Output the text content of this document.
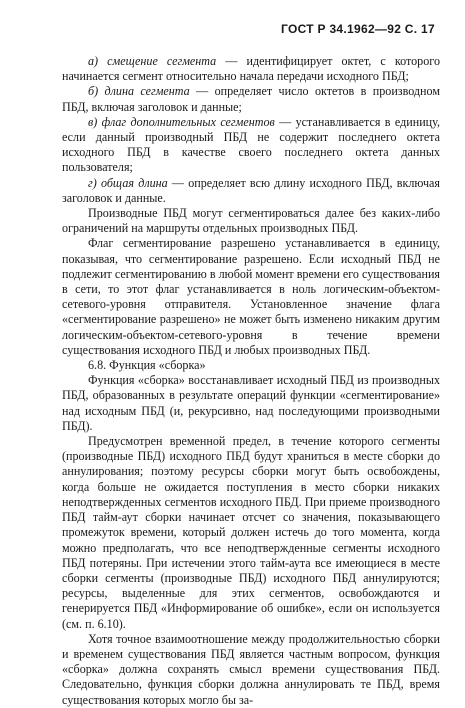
ГОСТ Р 34.1962—92 С. 17

а) смещение сегмента — идентифицирует октет, с которого начинается сегмент относительно начала передачи исходного ПБД;

б) длина сегмента — определяет число октетов в производном ПБД, включая заголовок и данные;

в) флаг дополнительных сегментов — устанавливается в единицу, если данный производный ПБД не содержит последнего октета исходного ПБД в качестве своего последнего октета данных пользователя;

г) общая длина — определяет всю длину исходного ПБД, включая заголовок и данные.

Производные ПБД могут сегментироваться далее без каких-либо ограничений на маршруты отдельных производных ПБД.

Флаг сегментирование разрешено устанавливается в единицу, показывая, что сегментирование разрешено. Если исходный ПБД не подлежит сегментированию в любой момент времени его существования в сети, то этот флаг устанавливается в ноль логическим-объектом-сетевого-уровня отправителя. Установленное значение флага «сегментирование разрешено» не может быть изменено никаким другим логическим-объектом-сетевого-уровня в течение времени существования исходного ПБД и любых производных ПБД.

6.8. Функция «сборка»

Функция «сборка» восстанавливает исходный ПБД из производных ПБД, образованных в результате операций функции «сегментирование» над исходным ПБД (и, рекурсивно, над последующими производными ПБД).

Предусмотрен временной предел, в течение которого сегменты (производные ПБД) исходного ПБД будут храниться в месте сборки до аннулирования; поэтому ресурсы сборки могут быть освобождены, когда больше не ожидается поступления в место сборки никаких неподтвержденных сегментов исходного ПБД. При приеме производного ПБД тайм-аут сборки начинает отсчет со значения, показывающего промежуток времени, который должен истечь до того момента, когда можно предполагать, что все неподтвержденные сегменты исходного ПБД потеряны. При истечении этого тайм-аута все имеющиеся в месте сборки сегменты (производные ПБД) исходного ПБД аннулируются; ресурсы, выделенные для этих сегментов, освобождаются и генерируется ПБД «Информирование об ошибке», если он используется (см. п. 6.10).

Хотя точное взаимоотношение между продолжительностью сборки и временем существования ПБД является частным вопросом, функция «сборка» должна сохранять смысл времени существования ПБД. Следовательно, функция сборки должна аннулировать те ПБД, время существования которых могло бы за-
